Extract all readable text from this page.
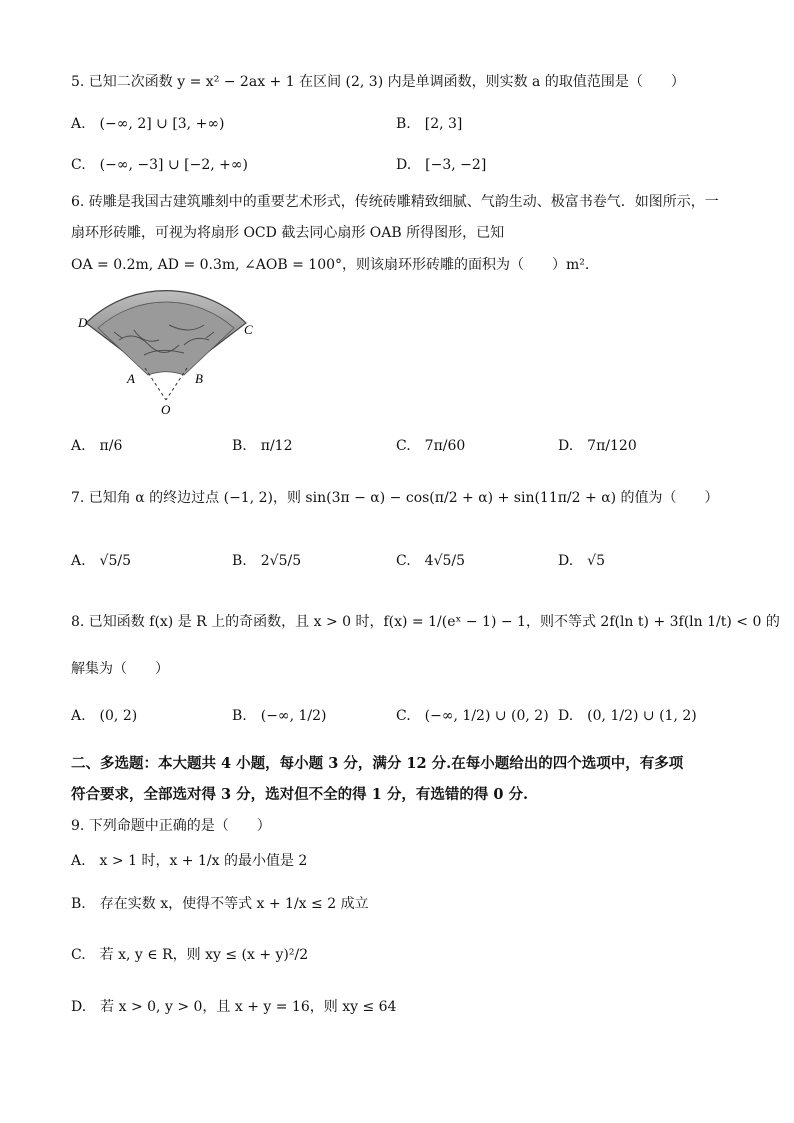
5. 已知二次函数 y = x² − 2ax + 1 在区间 (2, 3) 内是单调函数，则实数 a 的取值范围是（　　）
A.　(−∞, 2] ∪ [3, +∞)	B.　[2, 3]
C.　(−∞, −3] ∪ [−2, +∞)	D.　[−3, −2]
6. 砖雕是我国古建筑雕刻中的重要艺术形式，传统砖雕精致细腻、气韵生动、极富书卷气．如图所示，一
扇环形砖雕，可视为将扇形 OCD 截去同心扇形 OAB 所得图形，已知
OA = 0.2m, AD = 0.3m, ∠AOB = 100°，则该扇环形砖雕的面积为（　　）m².
D	C
A	B
O
A.　π/6	B.　π/12	C.　7π/60	D.　7π/120
7. 已知角 α 的终边过点 (−1, 2)，则 sin(3π − α) − cos(π/2 + α) + sin(11π/2 + α) 的值为（　　）
A.　√5/5	B.　2√5/5	C.　4√5/5	D.　√5
8. 已知函数 f(x) 是 R 上的奇函数，且 x > 0 时，f(x) = 1/(eˣ − 1) − 1，则不等式 2f(ln t) + 3f(ln 1/t) < 0 的
解集为（　　）
A.　(0, 2)	B.　(−∞, 1/2)	C.　(−∞, 1/2) ∪ (0, 2) D.　(0, 1/2) ∪ (1, 2)
二、多选题：本大题共 4 小题，每小题 3 分，满分 12 分.在每小题给出的四个选项中，有多项
符合要求，全部选对得 3 分，选对但不全的得 1 分，有选错的得 0 分.
9. 下列命题中正确的是（　　）
A.　x > 1 时，x + 1/x 的最小值是 2
B.　存在实数 x，使得不等式 x + 1/x ≤ 2 成立
C.　若 x, y ∈ R，则 xy ≤ (x + y)²/2
D.　若 x > 0, y > 0，且 x + y = 16，则 xy ≤ 64
